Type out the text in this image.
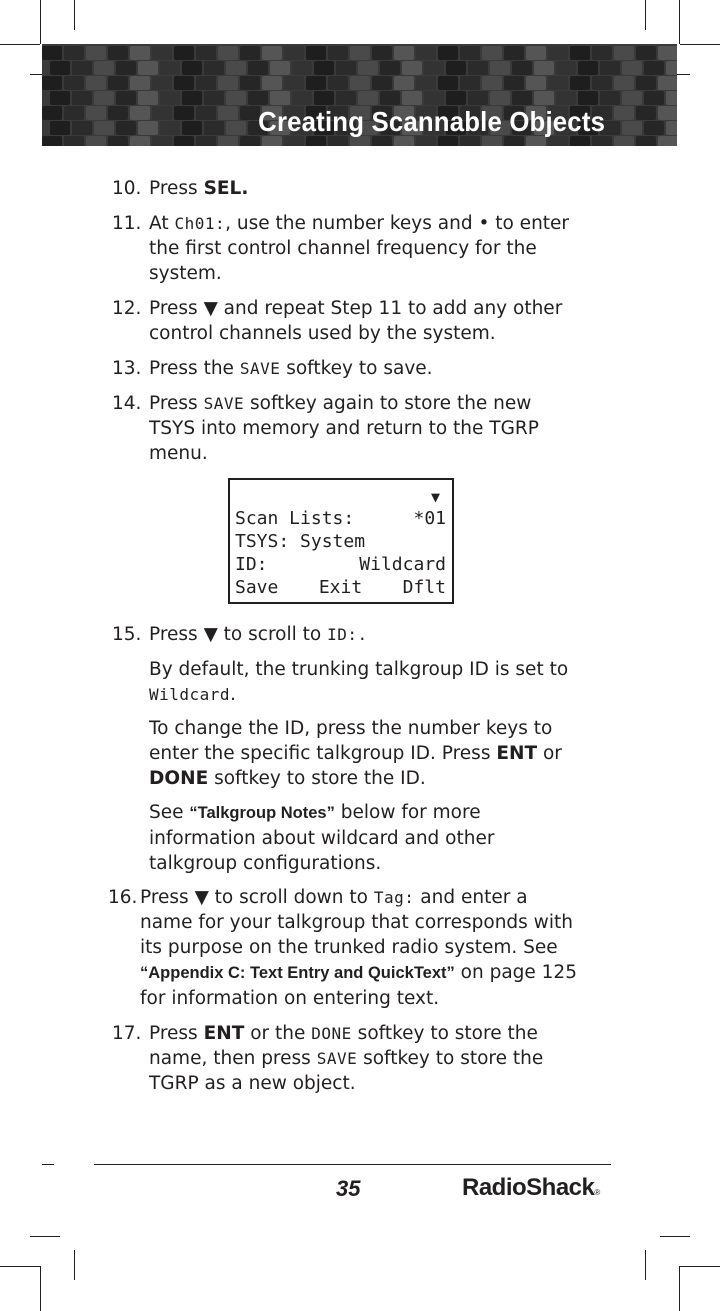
Creating Scannable Objects
10. Press SEL.
11. At Ch01:, use the number keys and • to enter the first control channel frequency for the system.
12. Press ▼ and repeat Step 11 to add any other control channels used by the system.
13. Press the SAVE softkey to save.
14. Press SAVE softkey again to store the new TSYS into memory and return to the TGRP menu.
▼
Scan Lists:	*01
TSYS: System
ID:	Wildcard
Save Exit Dflt
15. Press ▼ to scroll to ID:.
By default, the trunking talkgroup ID is set to Wildcard.
To change the ID, press the number keys to enter the specific talkgroup ID. Press ENT or DONE softkey to store the ID.
See “Talkgroup Notes” below for more information about wildcard and other talkgroup configurations.
16. Press ▼ to scroll down to Tag: and enter a name for your talkgroup that corresponds with its purpose on the trunked radio system. See “Appendix C: Text Entry and QuickText” on page 125 for information on entering text.
17. Press ENT or the DONE softkey to store the name, then press SAVE softkey to store the TGRP as a new object.
35	RadioShack®
